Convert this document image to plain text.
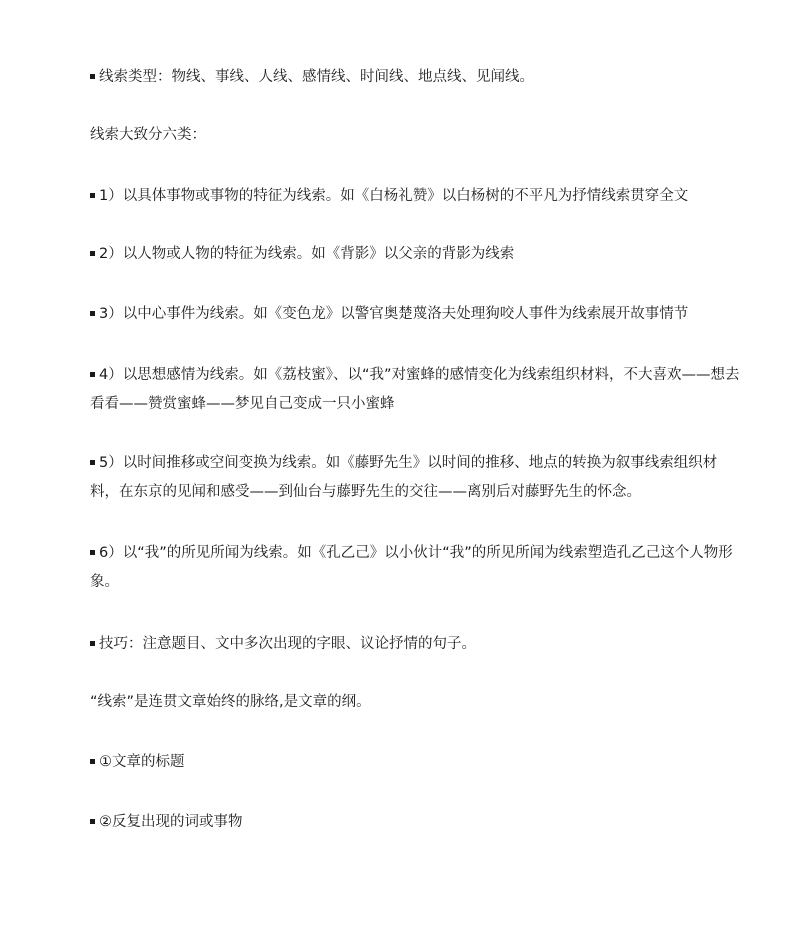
线索类型：物线、事线、人线、感情线、时间线、地点线、见闻线。
线索大致分六类：
1）以具体事物或事物的特征为线索。如《白杨礼赞》以白杨树的不平凡为抒情线索贯穿全文
2）以人物或人物的特征为线索。如《背影》以父亲的背影为线索
3）以中心事件为线索。如《变色龙》以警官奥楚蔑洛夫处理狗咬人事件为线索展开故事情节
4）以思想感情为线索。如《荔枝蜜》、以“我”对蜜蜂的感情变化为线索组织材料，不大喜欢——想去看看——赞赏蜜蜂——梦见自己变成一只小蜜蜂
5）以时间推移或空间变换为线索。如《藤野先生》以时间的推移、地点的转换为叙事线索组织材料，在东京的见闻和感受——到仙台与藤野先生的交往——离别后对藤野先生的怀念。
6）以“我”的所见所闻为线索。如《孔乙己》以小伙计“我”的所见所闻为线索塑造孔乙己这个人物形象。
技巧：注意题目、文中多次出现的字眼、议论抒情的句子。
“线索”是连贯文章始终的脉络,是文章的纲。
①文章的标题
②反复出现的词或事物
